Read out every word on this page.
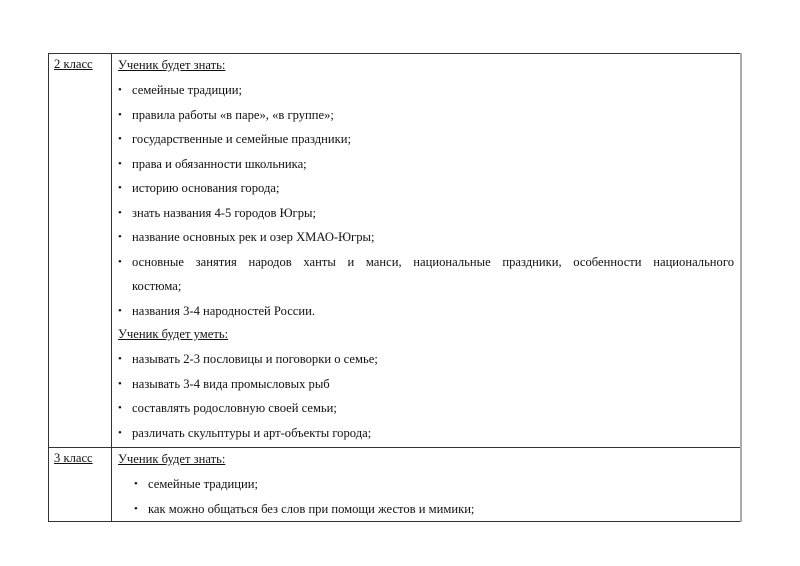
2 класс	Ученик будет знать:
• семейные традиции;
• правила работы «в паре», «в группе»;
• государственные и семейные праздники;
• права и обязанности школьника;
• историю основания города;
• знать названия 4-5 городов Югры;
• название основных рек и озер ХМАО-Югры;
• основные занятия народов ханты и манси, национальные праздники, особенности национального
костюма;
• названия 3-4 народностей России.
Ученик будет уметь:
• называть 2-3 пословицы и поговорки о семье;
• называть 3-4 вида промысловых рыб
• составлять родословную своей семьи;
• различать скульптуры и арт-объекты города;

3 класс	Ученик будет знать:
• семейные традиции;
• как можно общаться без слов при помощи жестов и мимики;
